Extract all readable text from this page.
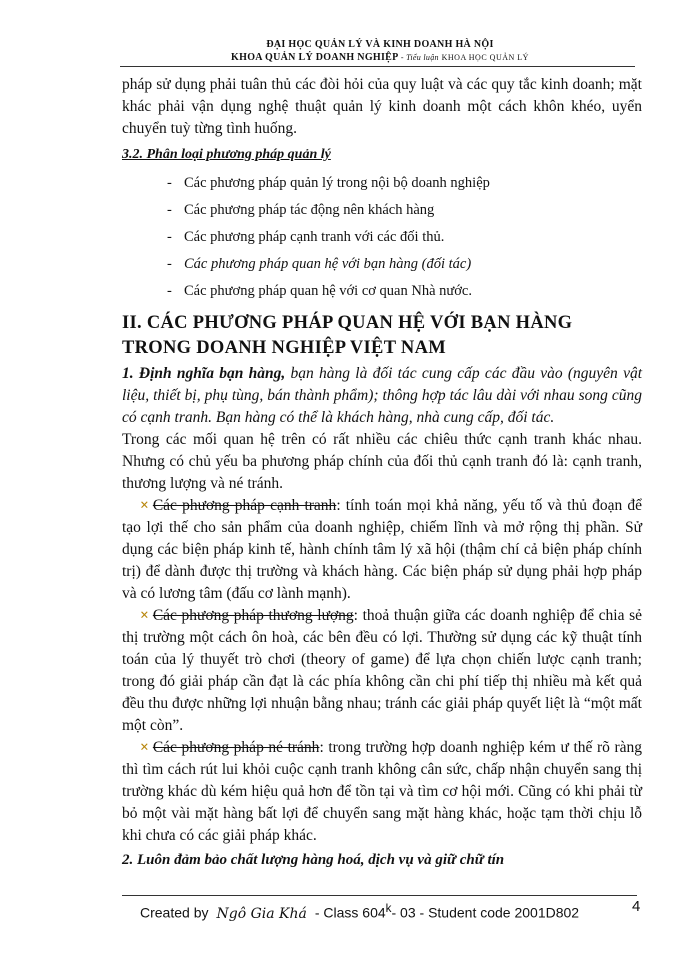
ĐẠI HỌC QUẢN LÝ VÀ KINH DOANH HÀ NỘI
KHOA QUẢN LÝ DOANH NGHIỆP - Tiểu luận KHOA HỌC QUẢN LÝ

pháp sử dụng phải tuân thủ các đòi hỏi của quy luật và các quy tắc kinh doanh; mặt khác phải vận dụng nghệ thuật quản lý kinh doanh một cách khôn khéo, uyển chuyển tuỳ từng tình huống.

3.2. Phân loại phương pháp quản lý
- Các phương pháp quản lý trong nội bộ doanh nghiệp
- Các phương pháp tác động nên khách hàng
- Các phương pháp cạnh tranh với các đối thủ.
- Các phương pháp quan hệ với bạn hàng (đối tác)
- Các phương pháp quan hệ với cơ quan Nhà nước.
II. CÁC PHƯƠNG PHÁP QUAN HỆ VỚI BẠN HÀNG TRONG DOANH NGHIỆP VIỆT NAM

1. Định nghĩa bạn hàng, bạn hàng là đối tác cung cấp các đầu vào (nguyên vật liệu, thiết bị, phụ tùng, bán thành phẩm); thông hợp tác lâu dài với nhau song cũng có cạnh tranh. Bạn hàng có thể là khách hàng, nhà cung cấp, đối tác.

Trong các mối quan hệ trên có rất nhiều các chiêu thức cạnh tranh khác nhau. Nhưng có chủ yếu ba phương pháp chính của đối thủ cạnh tranh đó là: cạnh tranh, thương lượng và né tránh.

× Các phương pháp cạnh tranh: tính toán mọi khả năng, yếu tố và thủ đoạn để tạo lợi thế cho sản phẩm của doanh nghiệp, chiếm lĩnh và mở rộng thị phần. Sử dụng các biện pháp kinh tế, hành chính tâm lý xã hội (thậm chí cả biện pháp chính trị) để dành được thị trường và khách hàng. Các biện pháp sử dụng phải hợp pháp và có lương tâm (đấu cơ lành mạnh).

× Các phương pháp thương lượng: thoả thuận giữa các doanh nghiệp để chia sẻ thị trường một cách ôn hoà, các bên đều có lợi. Thường sử dụng các kỹ thuật tính toán của lý thuyết trò chơi (theory of game) để lựa chọn chiến lược cạnh tranh; trong đó giải pháp cần đạt là các phía không cần chi phí tiếp thị nhiều mà kết quả đều thu được những lợi nhuận bằng nhau; tránh các giải pháp quyết liệt là “một mất một còn”.

× Các phương pháp né tránh: trong trường hợp doanh nghiệp kém ư thế rõ ràng thì tìm cách rút lui khỏi cuộc cạnh tranh không cân sức, chấp nhận chuyển sang thị trường khác dù kém hiệu quả hơn để tồn tại và tìm cơ hội mới. Cũng có khi phải từ bỏ một vài mặt hàng bất lợi để chuyển sang mặt hàng khác, hoặc tạm thời chịu lỗ khi chưa có các giải pháp khác.

2. Luôn đảm bảo chất lượng hàng hoá, dịch vụ và giữ chữ tín
Created by Ngô Gia Khá - Class 604$^k$- 03 - Student code 2001D802	4
